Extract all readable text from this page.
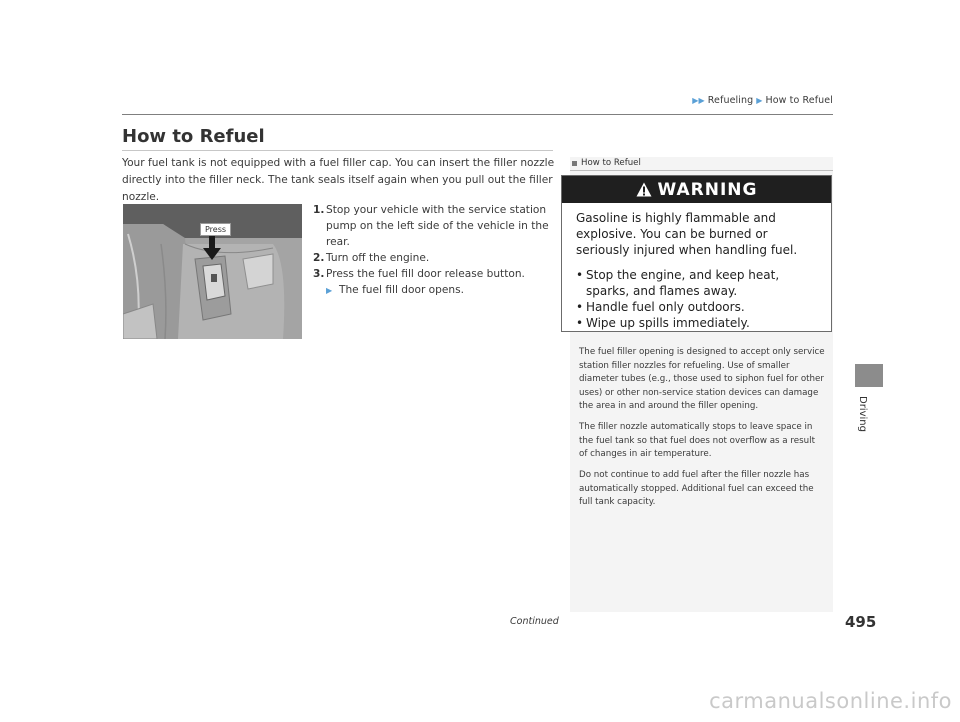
▶▶ Refueling ▶ How to Refuel
How to Refuel
Your fuel tank is not equipped with a fuel filler cap. You can insert the filler nozzle directly into the filler neck. The tank seals itself again when you pull out the filler nozzle.
Press
1. Stop your vehicle with the service station pump on the left side of the vehicle in the rear.
2. Turn off the engine.
3. Press the fuel fill door release button.
▶ The fuel fill door opens.
How to Refuel
WARNING

Gasoline is highly flammable and explosive. You can be burned or seriously injured when handling fuel.

• Stop the engine, and keep heat, sparks, and flames away.
• Handle fuel only outdoors.
• Wipe up spills immediately.

The fuel filler opening is designed to accept only service station filler nozzles for refueling. Use of smaller diameter tubes (e.g., those used to siphon fuel for other uses) or other non-service station devices can damage the area in and around the filler opening.

The filler nozzle automatically stops to leave space in the fuel tank so that fuel does not overflow as a result of changes in air temperature.

Do not continue to add fuel after the filler nozzle has automatically stopped. Additional fuel can exceed the full tank capacity.

Driving
Continued	495
carmanualsonline.info
